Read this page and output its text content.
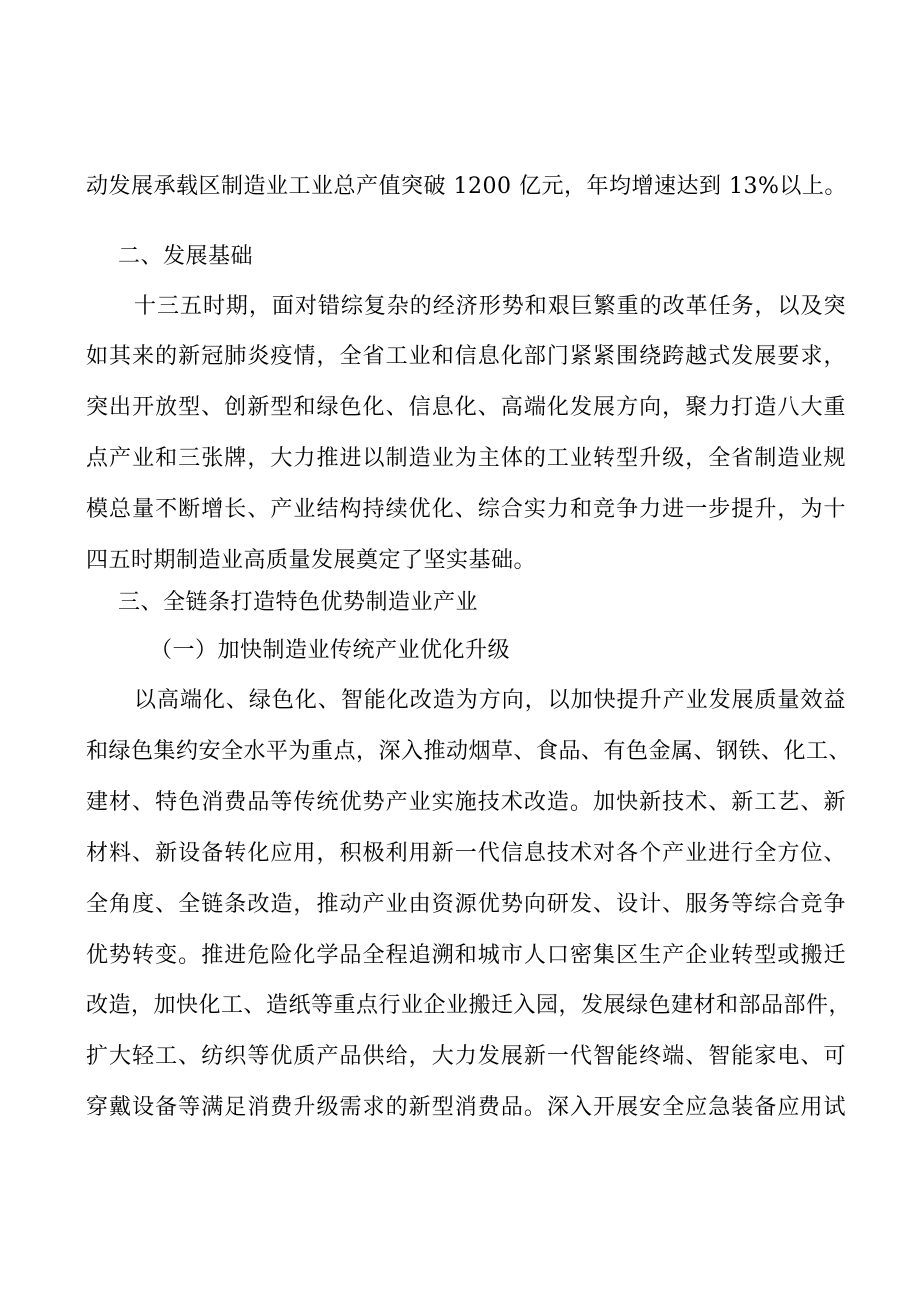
动发展承载区制造业工业总产值突破 1200 亿元，年均增速达到 13%以上。
二、发展基础
十三五时期，面对错综复杂的经济形势和艰巨繁重的改革任务，以及突
如其来的新冠肺炎疫情，全省工业和信息化部门紧紧围绕跨越式发展要求，
突出开放型、创新型和绿色化、信息化、高端化发展方向，聚力打造八大重
点产业和三张牌，大力推进以制造业为主体的工业转型升级，全省制造业规
模总量不断增长、产业结构持续优化、综合实力和竞争力进一步提升，为十
四五时期制造业高质量发展奠定了坚实基础。
三、全链条打造特色优势制造业产业
（一）加快制造业传统产业优化升级
以高端化、绿色化、智能化改造为方向，以加快提升产业发展质量效益
和绿色集约安全水平为重点，深入推动烟草、食品、有色金属、钢铁、化工、
建材、特色消费品等传统优势产业实施技术改造。加快新技术、新工艺、新
材料、新设备转化应用，积极利用新一代信息技术对各个产业进行全方位、
全角度、全链条改造，推动产业由资源优势向研发、设计、服务等综合竞争
优势转变。推进危险化学品全程追溯和城市人口密集区生产企业转型或搬迁
改造，加快化工、造纸等重点行业企业搬迁入园，发展绿色建材和部品部件，
扩大轻工、纺织等优质产品供给，大力发展新一代智能终端、智能家电、可
穿戴设备等满足消费升级需求的新型消费品。深入开展安全应急装备应用试
